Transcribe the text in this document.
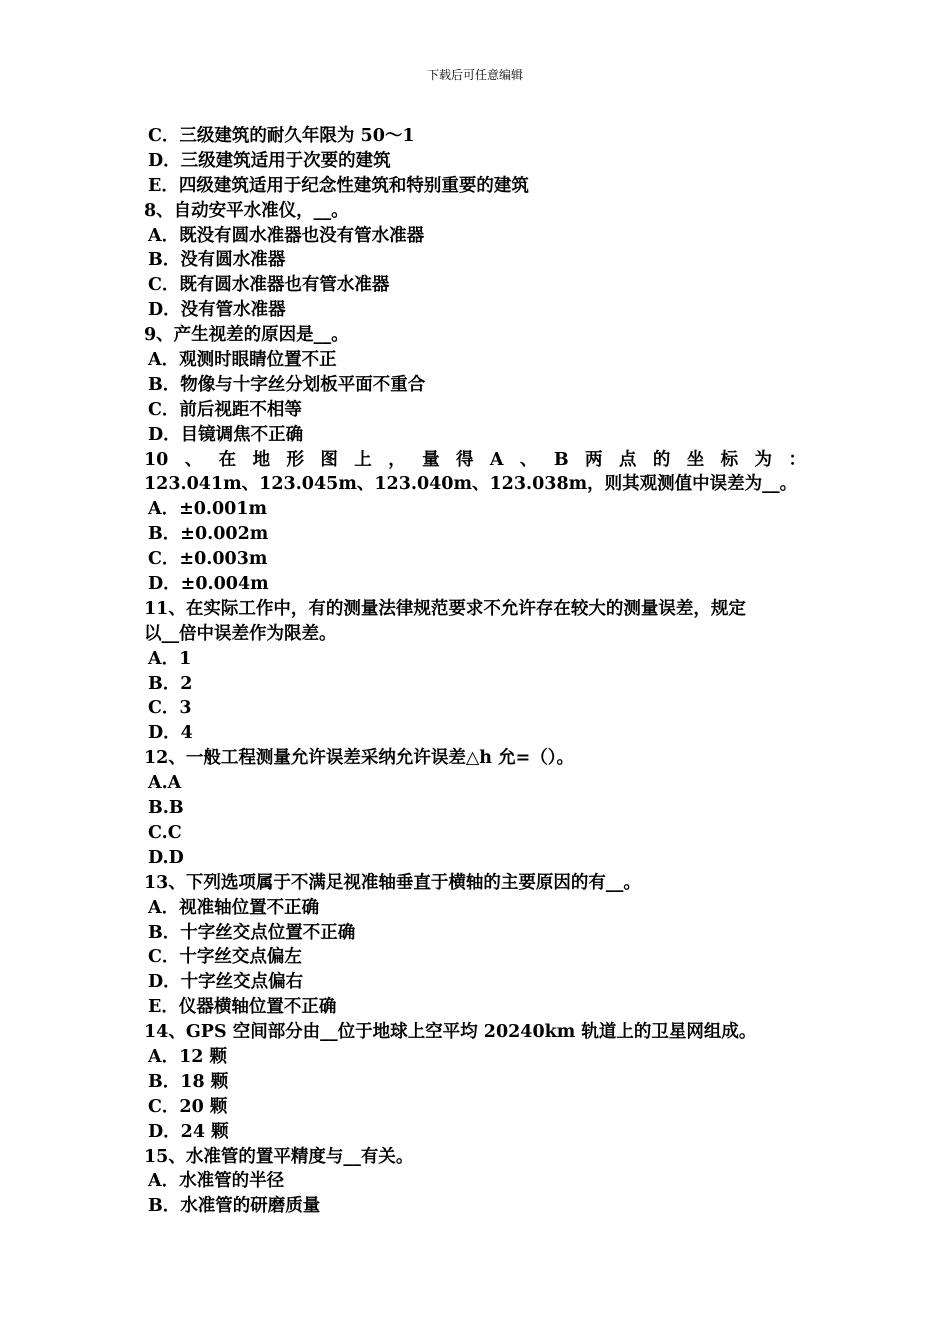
下载后可任意编辑
C．三级建筑的耐久年限为 50～1
D．三级建筑适用于次要的建筑
E．四级建筑适用于纪念性建筑和特别重要的建筑
8、自动安平水准仪，__。
A．既没有圆水准器也没有管水准器
B．没有圆水准器
C．既有圆水准器也有管水准器
D．没有管水准器
9、产生视差的原因是__。
A．观测时眼睛位置不正
B．物像与十字丝分划板平面不重合
C．前后视距不相等
D．目镜调焦不正确
10 、 在 地 形 图 上 ， 量 得 A 、 B 两 点 的 坐 标 为 ：
123.041m、123.045m、123.040m、123.038m，则其观测值中误差为__。
A．±0.001m
B．±0.002m
C．±0.003m
D．±0.004m
11、在实际工作中，有的测量法律规范要求不允许存在较大的测量误差，规定
以__倍中误差作为限差。
A．1
B．2
C．3
D．4
12、一般工程测量允许误差采纳允许误差△h 允=（）。
A.A
B.B
C.C
D.D
13、下列选项属于不满足视准轴垂直于横轴的主要原因的有__。
A．视准轴位置不正确
B．十字丝交点位置不正确
C．十字丝交点偏左
D．十字丝交点偏右
E．仪器横轴位置不正确
14、GPS 空间部分由__位于地球上空平均 20240km 轨道上的卫星网组成。
A．12 颗
B．18 颗
C．20 颗
D．24 颗
15、水准管的置平精度与__有关。
A．水准管的半径
B．水准管的研磨质量
